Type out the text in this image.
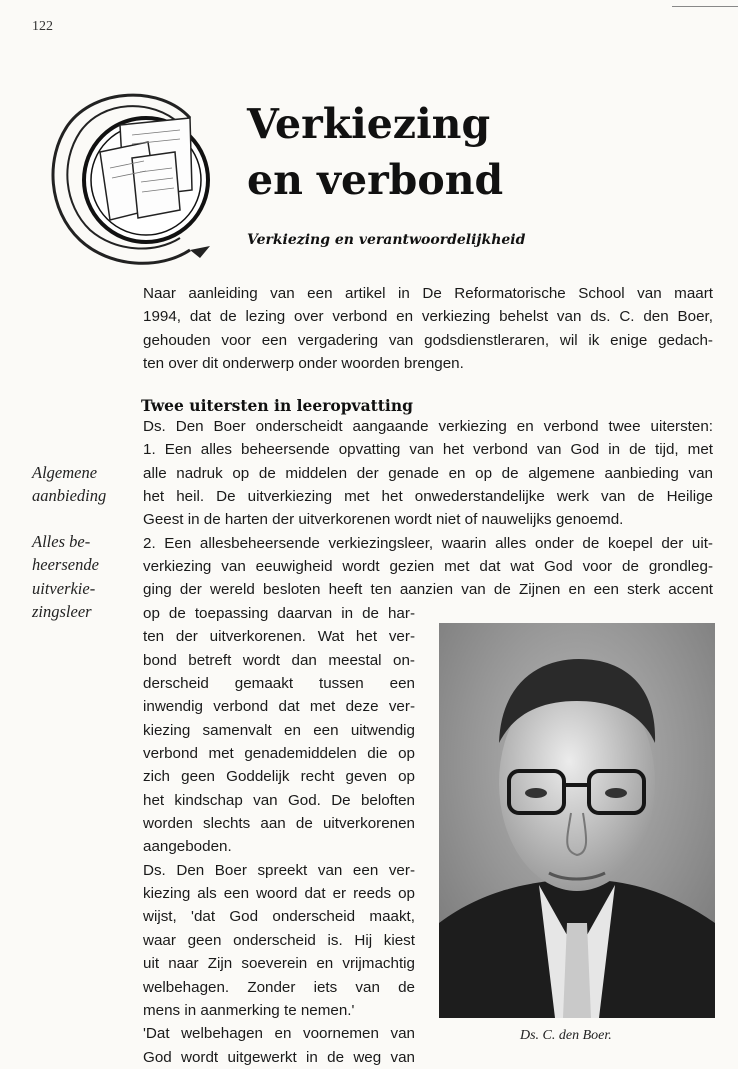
122
Verkiezing
en verbond
Verkiezing en verantwoordelijkheid
Naar aanleiding van een artikel in De Reformatorische School van maart
1994, dat de lezing over verbond en verkiezing behelst van ds. C. den Boer,
gehouden voor een vergadering van godsdienstleraren, wil ik enige gedach-
ten over dit onderwerp onder woorden brengen.
Twee uitersten in leeropvatting
Ds. Den Boer onderscheidt aangaande verkiezing en verbond twee uitersten:
1. Een alles beheersende opvatting van het verbond van God in de tijd, met
alle nadruk op de middelen der genade en op de algemene aanbieding van
het heil. De uitverkiezing met het onwederstandelijke werk van de Heilige
Geest in de harten der uitverkorenen wordt niet of nauwelijks genoemd.
2. Een allesbeheersende verkiezingsleer, waarin alles onder de koepel der uit-
verkiezing van eeuwigheid wordt gezien met dat wat God voor de grondleg-
ging der wereld besloten heeft ten aanzien van de Zijnen en een sterk accent
op de toepassing daarvan in de har-
ten der uitverkorenen. Wat het ver-
bond betreft wordt dan meestal on-
derscheid gemaakt tussen een
inwendig verbond dat met deze ver-
kiezing samenvalt en een uitwendig
verbond met genademiddelen die op
zich geen Goddelijk recht geven op
het kindschap van God. De beloften
worden slechts aan de uitverkorenen
aangeboden.
Ds. Den Boer spreekt van een ver-
kiezing als een woord dat er reeds op
wijst, 'dat God onderscheid maakt,
waar geen onderscheid is. Hij kiest
uit naar Zijn soeverein en vrijmachtig
welbehagen. Zonder iets van de
mens in aanmerking te nemen.'
'Dat welbehagen en voornemen van
God wordt uitgewerkt in de weg van
Algemene
aanbieding
Alles be-
heersende
uitverkie-
zingsleer
Ds. C. den Boer.
